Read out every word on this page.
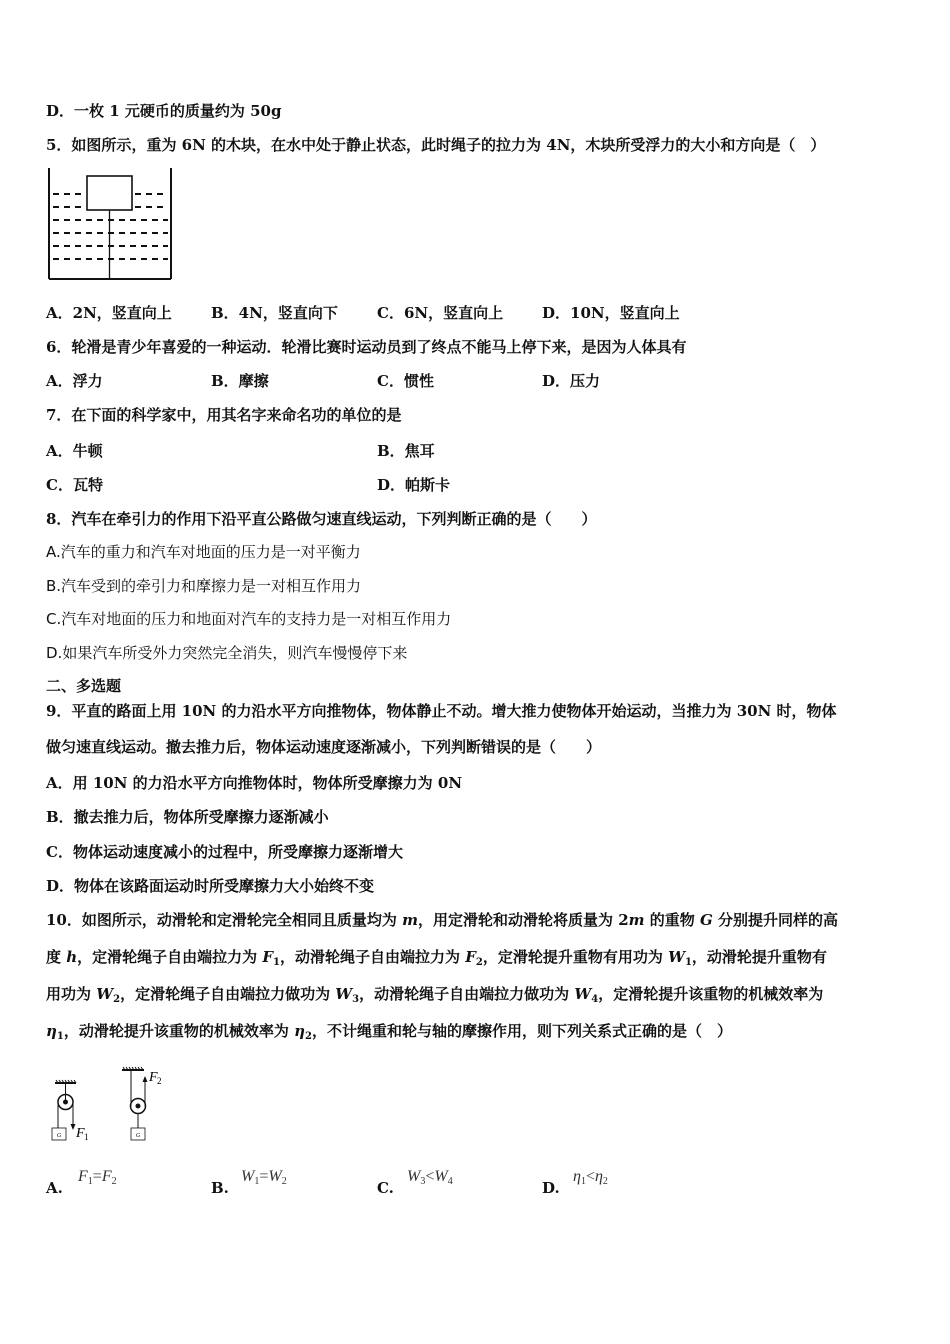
D．一枚 1 元硬币的质量约为 50g
5．如图所示，重为 6N 的木块，在水中处于静止状态，此时绳子的拉力为 4N，木块所受浮力的大小和方向是（　）
A．2N，竖直向上	B．4N，竖直向下	C．6N，竖直向上	D．10N，竖直向上
6．轮滑是青少年喜爱的一种运动．轮滑比赛时运动员到了终点不能马上停下来，是因为人体具有
A．浮力	B．摩擦	C．惯性	D．压力
7．在下面的科学家中，用其名字来命名功的单位的是
A．牛顿	B．焦耳
C．瓦特	D．帕斯卡
8．汽车在牵引力的作用下沿平直公路做匀速直线运动，下列判断正确的是（　　）
A.汽车的重力和汽车对地面的压力是一对平衡力
B.汽车受到的牵引力和摩擦力是一对相互作用力
C.汽车对地面的压力和地面对汽车的支持力是一对相互作用力
D.如果汽车所受外力突然完全消失，则汽车慢慢停下来
二、多选题
9．平直的路面上用 10N 的力沿水平方向推物体，物体静止不动。增大推力使物体开始运动，当推力为 30N 时，物体
做匀速直线运动。撤去推力后，物体运动速度逐渐减小，下列判断错误的是（　　）
A．用 10N 的力沿水平方向推物体时，物体所受摩擦力为 0N
B．撤去推力后，物体所受摩擦力逐渐减小
C．物体运动速度减小的过程中，所受摩擦力逐渐增大
D．物体在该路面运动时所受摩擦力大小始终不变
10．如图所示，动滑轮和定滑轮完全相同且质量均为 m，用定滑轮和动滑轮将质量为 2m 的重物 G 分别提升同样的高
度 h，定滑轮绳子自由端拉力为 $F_1$，动滑轮绳子自由端拉力为 $F_2$，定滑轮提升重物有用功为 $W_1$，动滑轮提升重物有
用功为 $W_2$，定滑轮绳子自由端拉力做功为 $W_3$，动滑轮绳子自由端拉力做功为 $W_4$，定滑轮提升该重物的机械效率为
$\eta_1$，动滑轮提升该重物的机械效率为 $\eta_2$，不计绳重和轮与轴的摩擦作用，则下列关系式正确的是（　）
G	G
F 1
F 2
A.
$F_1=F_2$	B.
$W_1=W_2$	C.
$W_3<W_4$	D.
$\eta_1<\eta_2$
